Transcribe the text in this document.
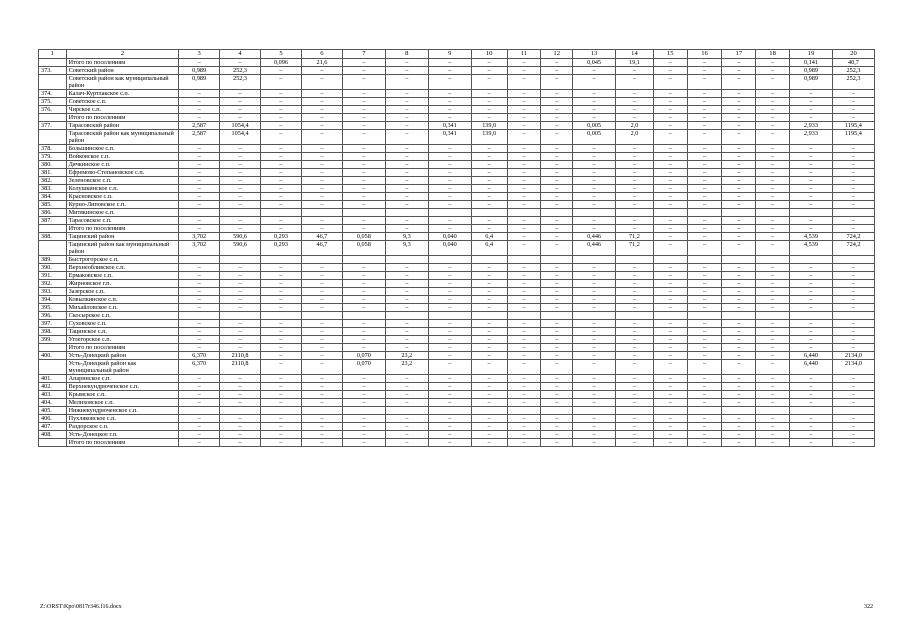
1	2	3	4	5	6	7	8	9	10	11	12	13	14	15	16	17	18	19	20
	Итого по поселениям	–	–	0,096	21,6	–	–	–	–	–	–	0,045	19,1	–	–	–	–	0,141	40,7
373.	Советский район	0,989	252,3	–	–	–	–	–	–	–	–	–	–	–	–	–	–	0,989	252,3
	Советский район как муниципальный район	0,989	252,3	–	–	–	–	–	–	–	–	–	–	–	–	–	–	0,989	252,3
374.	Калач-Куртлакское с.п.	–	–	–	–	–	–	–	–	–	–	–	–	–	–	–	–	–	–
375.	Советское с.п.	–	–	–	–	–	–	–	–	–	–	–	–	–	–	–	–	–	–
376.	Чирское с.п.	–	–	–	–	–	–	–	–	–	–	–	–	–	–	–	–	–	–
	Итого по поселениям	–	–	–	–	–	–	–	–	–	–	–	–	–	–	–	–	–	–
377.	Тарасовский район	2,587	1054,4	–	–	–	–	0,341	139,0	–	–	0,005	2,0	–	–	–	–	2,933	1195,4
	Тарасовский район как муниципальный район	2,587	1054,4	–	–	–	–	0,341	139,0	–	–	0,005	2,0	–	–	–	–	2,933	1195,4
378.	Большинское с.п.	–	–	–	–	–	–	–	–	–	–	–	–	–	–	–	–	–	–
379.	Войковское с.п.	–	–	–	–	–	–	–	–	–	–	–	–	–	–	–	–	–	–
380.	Дячкинское с.п.	–	–	–	–	–	–	–	–	–	–	–	–	–	–	–	–	–	–
381.	Ефремово-Степановское с.п.	–	–	–	–	–	–	–	–	–	–	–	–	–	–	–	–	–	–
382.	Зеленовское с.п.	–	–	–	–	–	–	–	–	–	–	–	–	–	–	–	–	–	–
383.	Колушкинское с.п.	–	–	–	–	–	–	–	–	–	–	–	–	–	–	–	–	–	–
384.	Красновское с.п.	–	–	–	–	–	–	–	–	–	–	–	–	–	–	–	–	–	–
385.	Курно-Липовское с.п.	–	–	–	–	–	–	–	–	–	–	–	–	–	–	–	–	–	–
386.	Митякинское с.п.																		
387.	Тарасовское с.п.	–	–	–	–	–	–	–	–	–	–	–	–	–	–	–	–	–	–
	Итого по поселениям	–	–	–	–	–	–	–	–	–	–	–	–	–	–	–	–	–	–
388.	Тацинский район	3,702	590,6	0,293	46,7	0,058	9,3	0,040	6,4	–	–	0,446	71,2	–	–	–	–	4,539	724,2
	Тацинский район как муниципальный район	3,702	590,6	0,293	46,7	0,058	9,3	0,040	6,4	–	–	0,446	71,2	–	–	–	–	4,539	724,2
389.	Быстрогорское с.п.																		
390.	Верхнеобливское с.п.	–	–	–	–	–	–	–	–	–	–	–	–	–	–	–	–	–	–
391.	Ермаковское с.п.	–	–	–	–	–	–	–	–	–	–	–	–	–	–	–	–	–	–
392.	Жирновское г.п.	–	–	–	–	–	–	–	–	–	–	–	–	–	–	–	–	–	–
393.	Зазерское с.п.	–	–	–	–	–	–	–	–	–	–	–	–	–	–	–	–	–	–
394.	Ковылкинское с.п.	–	–	–	–	–	–	–	–	–	–	–	–	–	–	–	–	–	–
395.	Михайловское с.п.	–	–	–	–	–	–	–	–	–	–	–	–	–	–	–	–	–	–
396.	Скосырское с.п.																		
397.	Суховское с.п.	–	–	–	–	–	–	–	–	–	–	–	–	–	–	–	–	–	–
398.	Тацинское с.п.	–	–	–	–	–	–	–	–	–	–	–	–	–	–	–	–	–	–
399.	Углегорское с.п.	–	–	–	–	–	–	–	–	–	–	–	–	–	–	–	–	–	–
	Итого по поселениям	–	–	–	–	–	–	–	–	–	–	–	–	–	–	–	–	–	–
400.	Усть-Донецкий район	6,370	2110,8	–	–	0,070	23,2	–	–	–	–	–	–	–	–	–	–	6,440	2134,0
	Усть-Донецкий район как муниципальный район	6,370	2110,8	–	–	0,070	23,2	–	–	–	–	–	–	–	–	–	–	6,440	2134,0
401.	Апаринское с.п.	–	–	–	–	–	–	–	–	–	–	–	–	–	–	–	–	–	–
402.	Верхнекундрюченское с.п.	–	–	–	–	–	–	–	–	–	–	–	–	–	–	–	–	–	–
403.	Крымское с.п.	–	–	–	–	–	–	–	–	–	–	–	–	–	–	–	–	–	–
404.	Мелиховское с.п.	–	–	–	–	–	–	–	–	–	–	–	–	–	–	–	–	–	–
405.	Нижнекундрюченское с.п.																		
406.	Пухляковское с.п.	–	–	–	–	–	–	–	–	–	–	–	–	–	–	–	–	–	–
407.	Раздорское с.п.	–	–	–	–	–	–	–	–	–	–	–	–	–	–	–	–	–	–
408.	Усть-Донецкое г.п.	–	–	–	–	–	–	–	–	–	–	–	–	–	–	–	–	–	–
	Итого по поселениям	–	–	–	–	–	–	–	–	–	–	–	–	–	–	–	–	–	–
Z:\ORST\Kpo\0817r346.f16.docx	322
